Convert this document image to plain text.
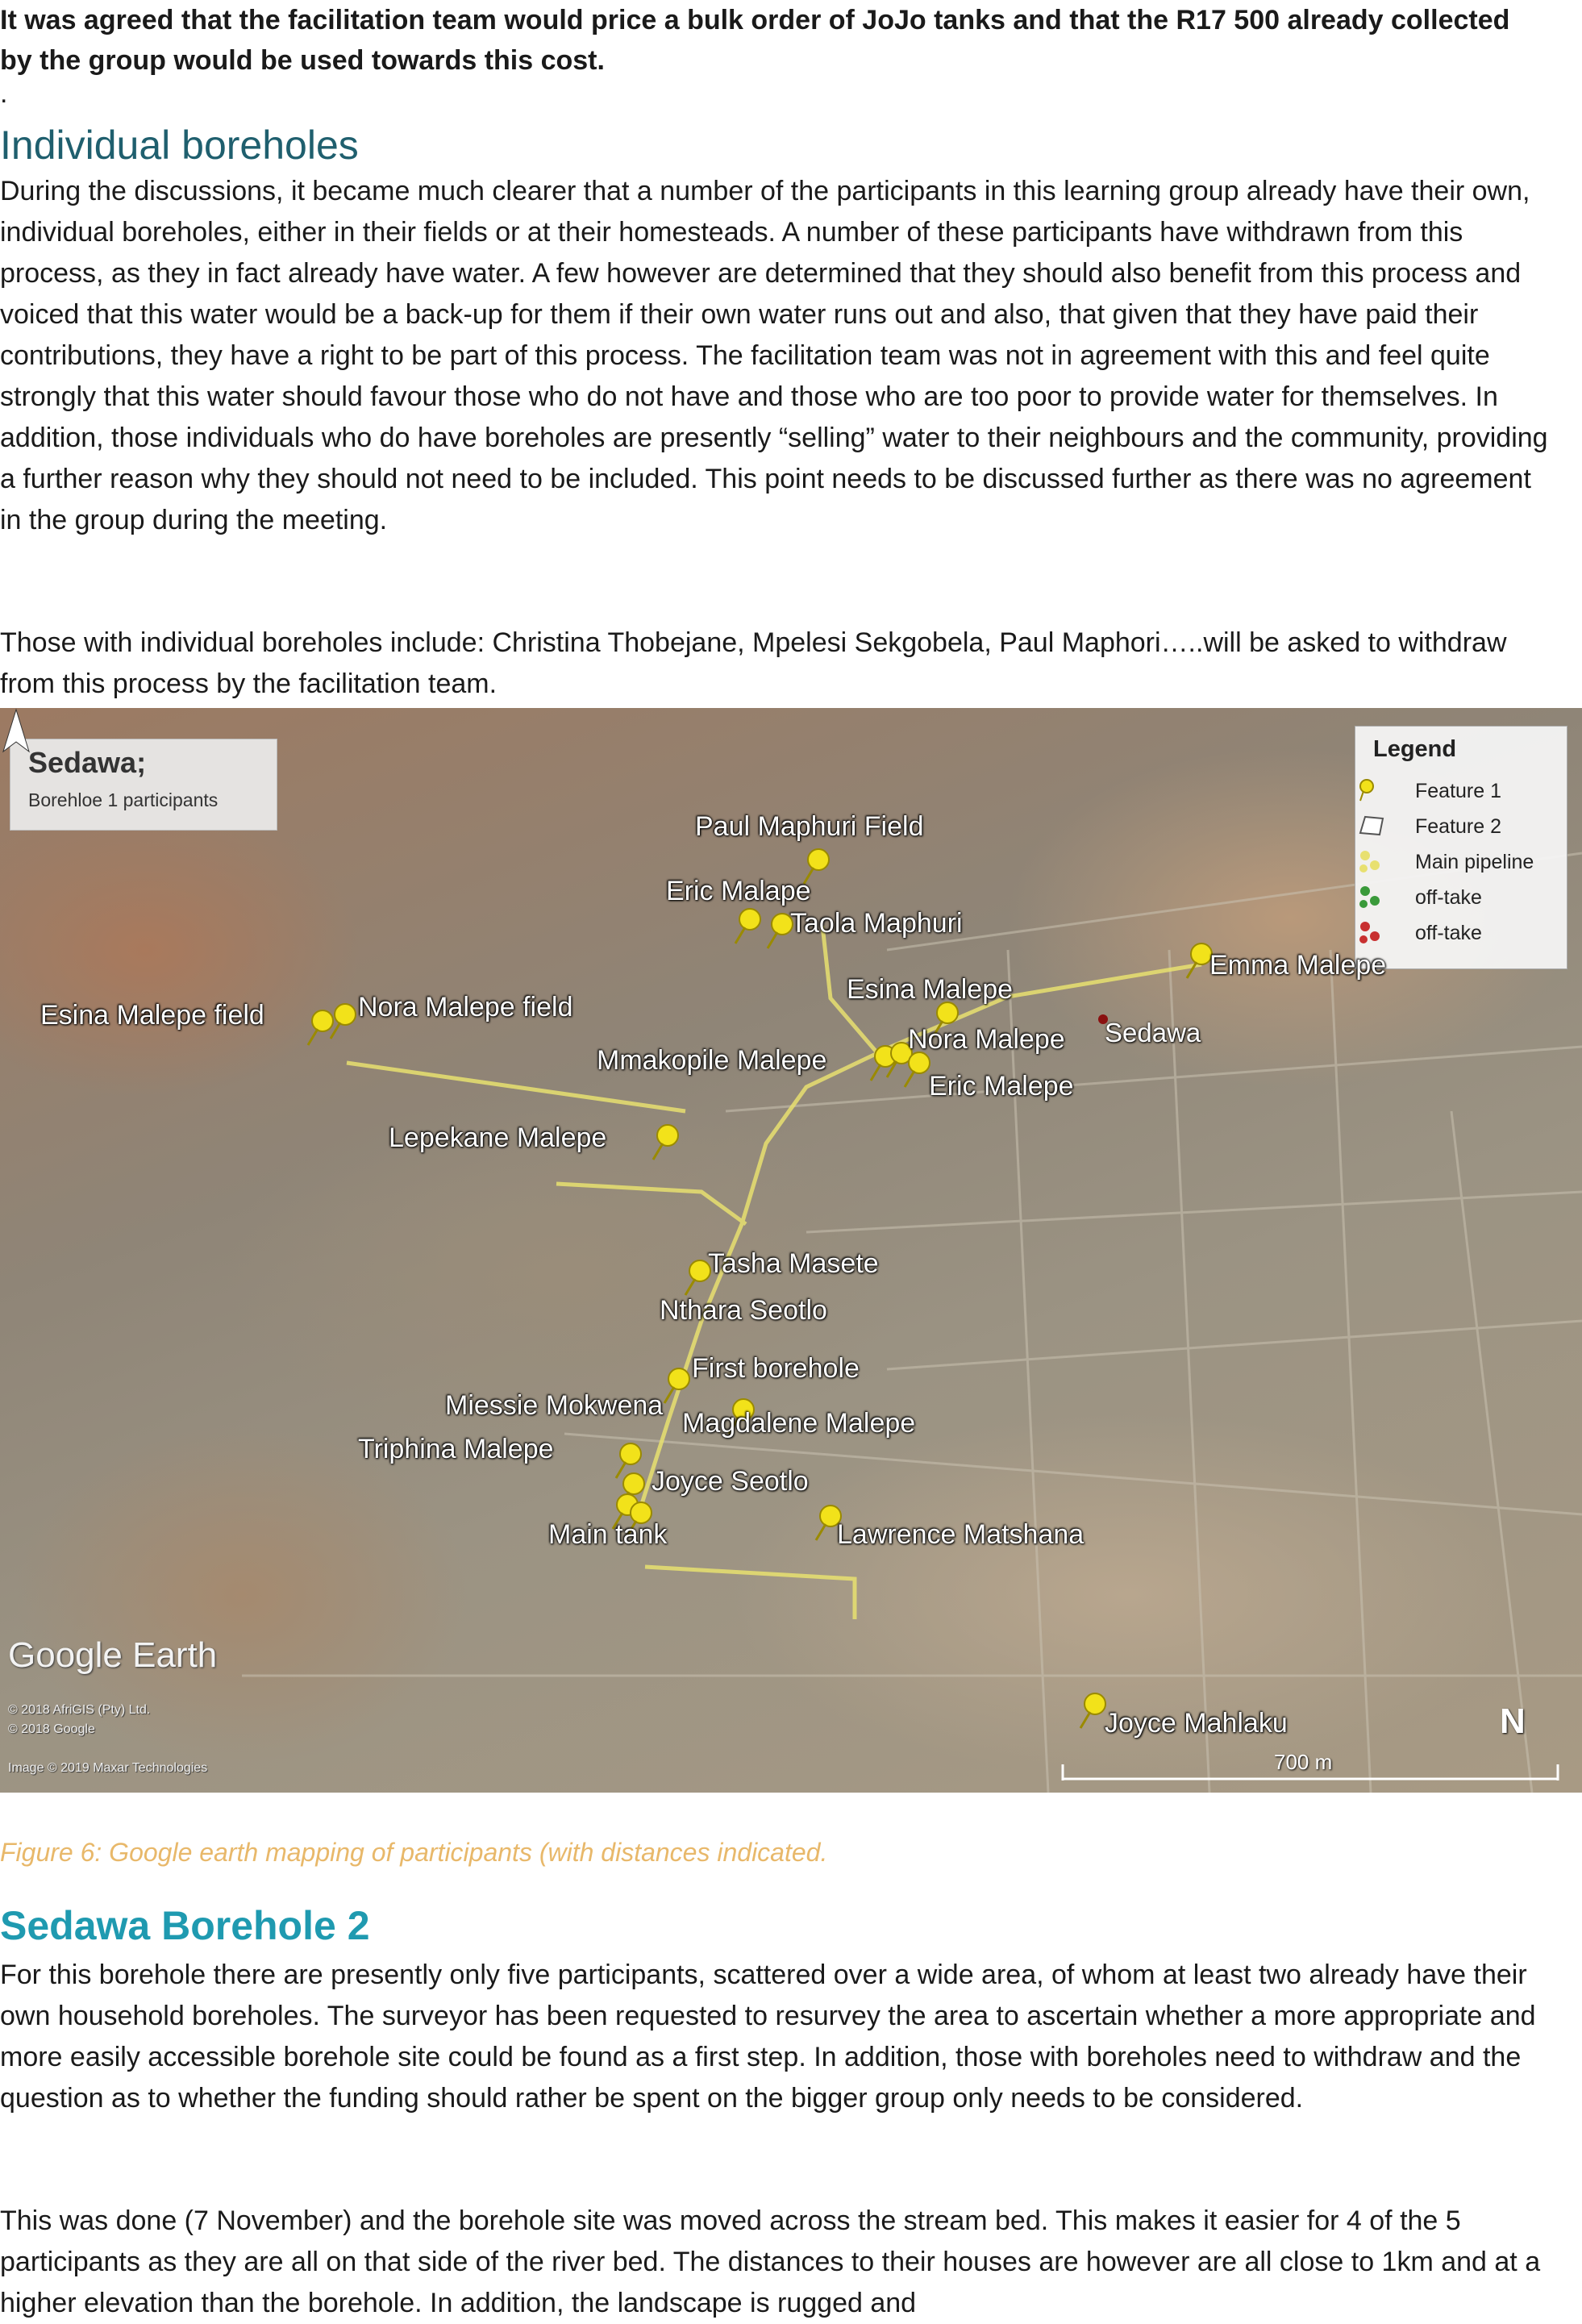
It was agreed that the facilitation team would price a bulk order of JoJo tanks and that the R17 500 already collected by the group would be used towards this cost.

.

Individual boreholes

During the discussions, it became much clearer that a number of the participants in this learning group already have their own, individual boreholes, either in their fields or at their homesteads. A number of these participants have withdrawn from this process, as they in fact already have water. A few however are determined that they should also benefit from this process and voiced that this water would be a back-up for them if their own water runs out and also, that given that they have paid their contributions, they have a right to be part of this process. The facilitation team was not in agreement with this and feel quite strongly that this water should favour those who do not have and those who are too poor to provide water for themselves. In addition, those individuals who do have boreholes are presently “selling” water to their neighbours and the community, providing a further reason why they should not need to be included. This point needs to be discussed further as there was no agreement in the group during the meeting.

Those with individual boreholes include: Christina Thobejane, Mpelesi Sekgobela, Paul Maphori…..will be asked to withdraw from this process by the facilitation team.

Sedawa;
Borehloe 1 participants
Legend
Feature 1
Feature 2
Main pipeline
off-take
off-take
Sedawa
Paul Maphuri Field
Eric Malape
Taola Maphuri
Emma Malepe
Esina Malepe field	Nora Malepe field
Esina Malepe
Nora Malepe
Mmakopile Malepe
Eric Malepe
Lepekane Malepe
Tasha Masete
Nthara Seotlo
First borehole
Miessie Mokwena
Magdalene Malepe
Triphina Malepe
Joyce Seotlo
Main tank	Lawrence Matshana
Joyce Mahlaku
Google Earth
© 2018 AfriGIS (Pty) Ltd.
© 2018 Google
Image © 2019 Maxar Technologies	700 m
N

Figure 6: Google earth mapping of participants (with distances indicated.

Sedawa Borehole 2

For this borehole there are presently only five participants, scattered over a wide area, of whom at least two already have their own household boreholes. The surveyor has been requested to resurvey the area to ascertain whether a more appropriate and more easily accessible borehole site could be found as a first step. In addition, those with boreholes need to withdraw and the question as to whether the funding should rather be spent on the bigger group only needs to be considered.

This was done (7 November) and the borehole site was moved across the stream bed. This makes it easier for 4 of the 5 participants as they are all on that side of the river bed. The distances to their houses are however are all close to 1km and at a higher elevation than the borehole. In addition, the landscape is rugged and
